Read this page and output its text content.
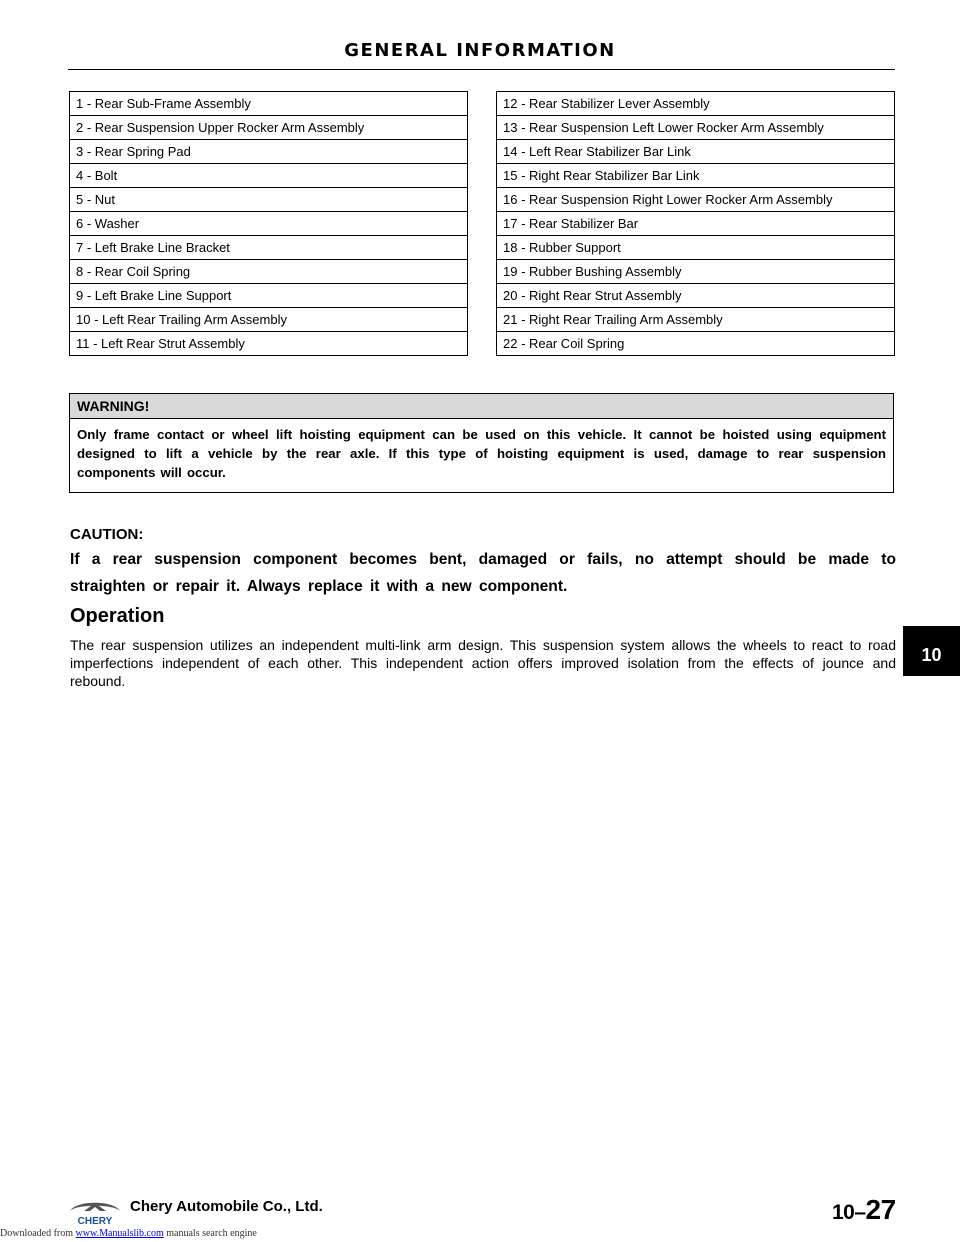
GENERAL INFORMATION
1 - Rear Sub-Frame Assembly
2 - Rear Suspension Upper Rocker Arm Assembly
3 - Rear Spring Pad
4 - Bolt
5 - Nut
6 - Washer
7 - Left Brake Line Bracket
8 - Rear Coil Spring
9 - Left Brake Line Support
10 - Left Rear Trailing Arm Assembly
11 - Left Rear Strut Assembly
12 - Rear Stabilizer Lever Assembly
13 - Rear Suspension Left Lower Rocker Arm Assembly
14 - Left Rear Stabilizer Bar Link
15 - Right Rear Stabilizer Bar Link
16 - Rear Suspension Right Lower Rocker Arm Assembly
17 - Rear Stabilizer Bar
18 - Rubber Support
19 - Rubber Bushing Assembly
20 - Right Rear Strut Assembly
21 - Right Rear Trailing Arm Assembly
22 - Rear Coil Spring
WARNING!
Only frame contact or wheel lift hoisting equipment can be used on this vehicle. It cannot be hoisted using equipment designed to lift a vehicle by the rear axle. If this type of hoisting equipment is used, damage to rear suspension components will occur.
CAUTION:
If a rear suspension component becomes bent, damaged or fails, no attempt should be made to straighten or repair it. Always replace it with a new component.
Operation
The rear suspension utilizes an independent multi-link arm design. This suspension system allows the wheels to react to road imperfections independent of each other. This independent action offers improved isolation from the effects of jounce and rebound.
10
CHERY
Chery Automobile Co., Ltd.	10–27
Downloaded from www.Manualslib.com manuals search engine
